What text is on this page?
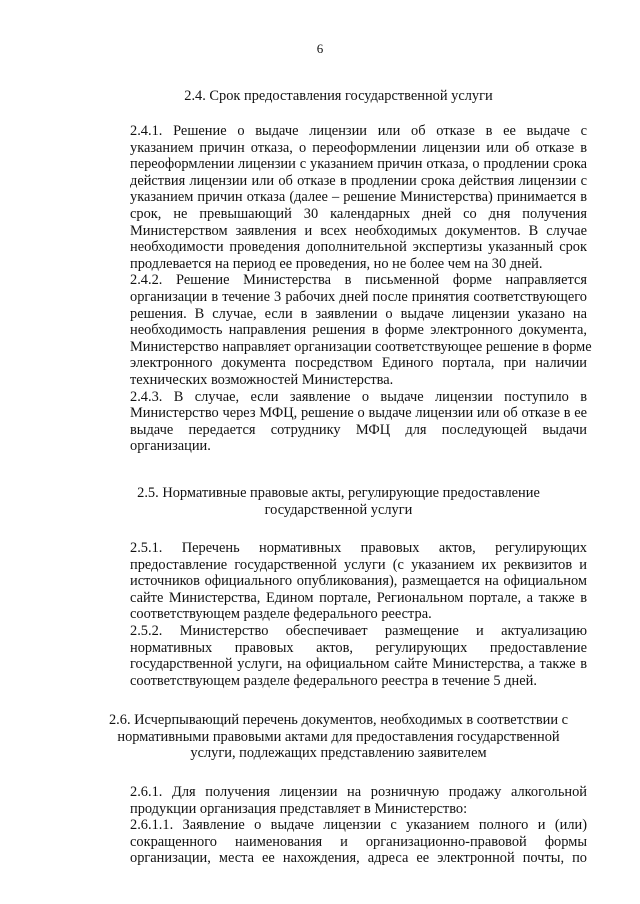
6

2.4. Срок предоставления государственной услуги

2.4.1. Решение о выдаче лицензии или об отказе в ее выдаче с
указанием причин отказа, о переоформлении лицензии или об отказе в
переоформлении лицензии с указанием причин отказа, о продлении срока
действия лицензии или об отказе в продлении срока действия лицензии с
указанием причин отказа (далее – решение Министерства) принимается в
срок, не превышающий 30 календарных дней со дня получения
Министерством заявления и всех необходимых документов. В случае
необходимости проведения дополнительной экспертизы указанный срок
продлевается на период ее проведения, но не более чем на 30 дней.
2.4.2. Решение Министерства в письменной форме направляется
организации в течение 3 рабочих дней после принятия соответствующего
решения. В случае, если в заявлении о выдаче лицензии указано на
необходимость направления решения в форме электронного документа,
Министерство направляет организации соответствующее решение в форме
электронного документа посредством Единого портала, при наличии
технических возможностей Министерства.
2.4.3. В случае, если заявление о выдаче лицензии поступило в
Министерство через МФЦ, решение о выдаче лицензии или об отказе в ее
выдаче передается сотруднику МФЦ для последующей выдачи
организации.

2.5. Нормативные правовые акты, регулирующие предоставление

государственной услуги

2.5.1. Перечень нормативных правовых актов, регулирующих
предоставление государственной услуги (с указанием их реквизитов и
источников официального опубликования), размещается на официальном
сайте Министерства, Едином портале, Региональном портале, а также в
соответствующем разделе федерального реестра.
2.5.2. Министерство обеспечивает размещение и актуализацию
нормативных правовых актов, регулирующих предоставление
государственной услуги, на официальном сайте Министерства, а также в
соответствующем разделе федерального реестра в течение 5 дней.

2.6. Исчерпывающий перечень документов, необходимых в соответствии с

нормативными правовыми актами для предоставления государственной

услуги, подлежащих представлению заявителем

2.6.1. Для получения лицензии на розничную продажу алкогольной
продукции организация представляет в Министерство:
2.6.1.1. Заявление о выдаче лицензии с указанием полного и (или)
сокращенного наименования и организационно-правовой формы
организации, места ее нахождения, адреса ее электронной почты, по
